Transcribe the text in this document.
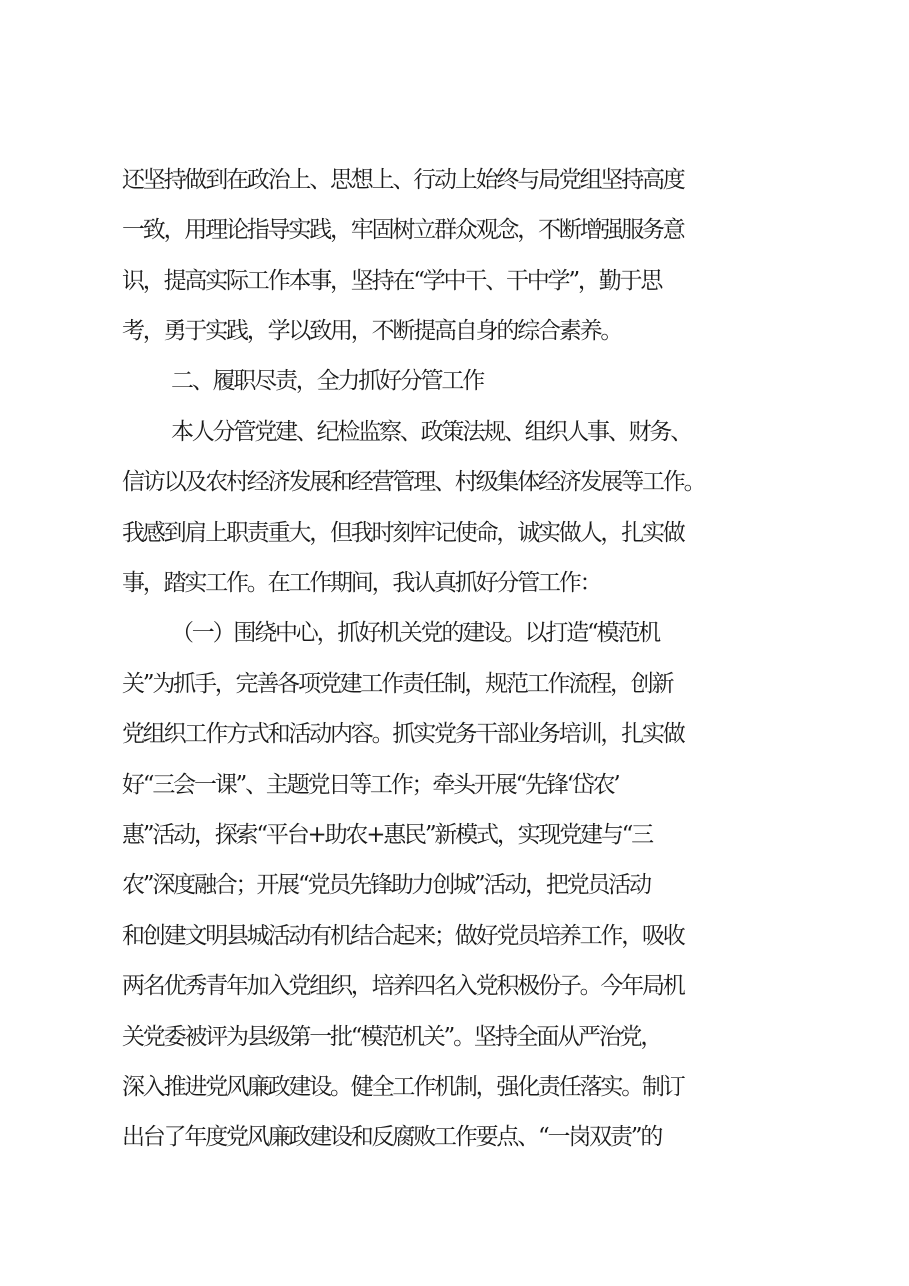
还坚持做到在政治上、思想上、行动上始终与局党组坚持高度
一致，用理论指导实践，牢固树立群众观念，不断增强服务意
识，提高实际工作本事，坚持在“学中干、干中学”，勤于思
考，勇于实践，学以致用，不断提高自身的综合素养。
二、履职尽责，全力抓好分管工作
本人分管党建、纪检监察、政策法规、组织人事、财务、
信访以及农村经济发展和经营管理、村级集体经济发展等工作。
我感到肩上职责重大，但我时刻牢记使命，诚实做人，扎实做
事，踏实工作。在工作期间，我认真抓好分管工作：
（一）围绕中心，抓好机关党的建设。以打造“模范机
关”为抓手，完善各项党建工作责任制，规范工作流程，创新
党组织工作方式和活动内容。抓实党务干部业务培训，扎实做
好“三会一课”、主题党日等工作；牵头开展“先锋‘岱农’
惠”活动，探索“平台+助农+惠民”新模式，实现党建与“三
农”深度融合；开展“党员先锋助力创城”活动，把党员活动
和创建文明县城活动有机结合起来；做好党员培养工作，吸收
两名优秀青年加入党组织，培养四名入党积极份子。今年局机
关党委被评为县级第一批“模范机关”。坚持全面从严治党，
深入推进党风廉政建设。健全工作机制，强化责任落实。制订
出台了年度党风廉政建设和反腐败工作要点、“一岗双责”的
